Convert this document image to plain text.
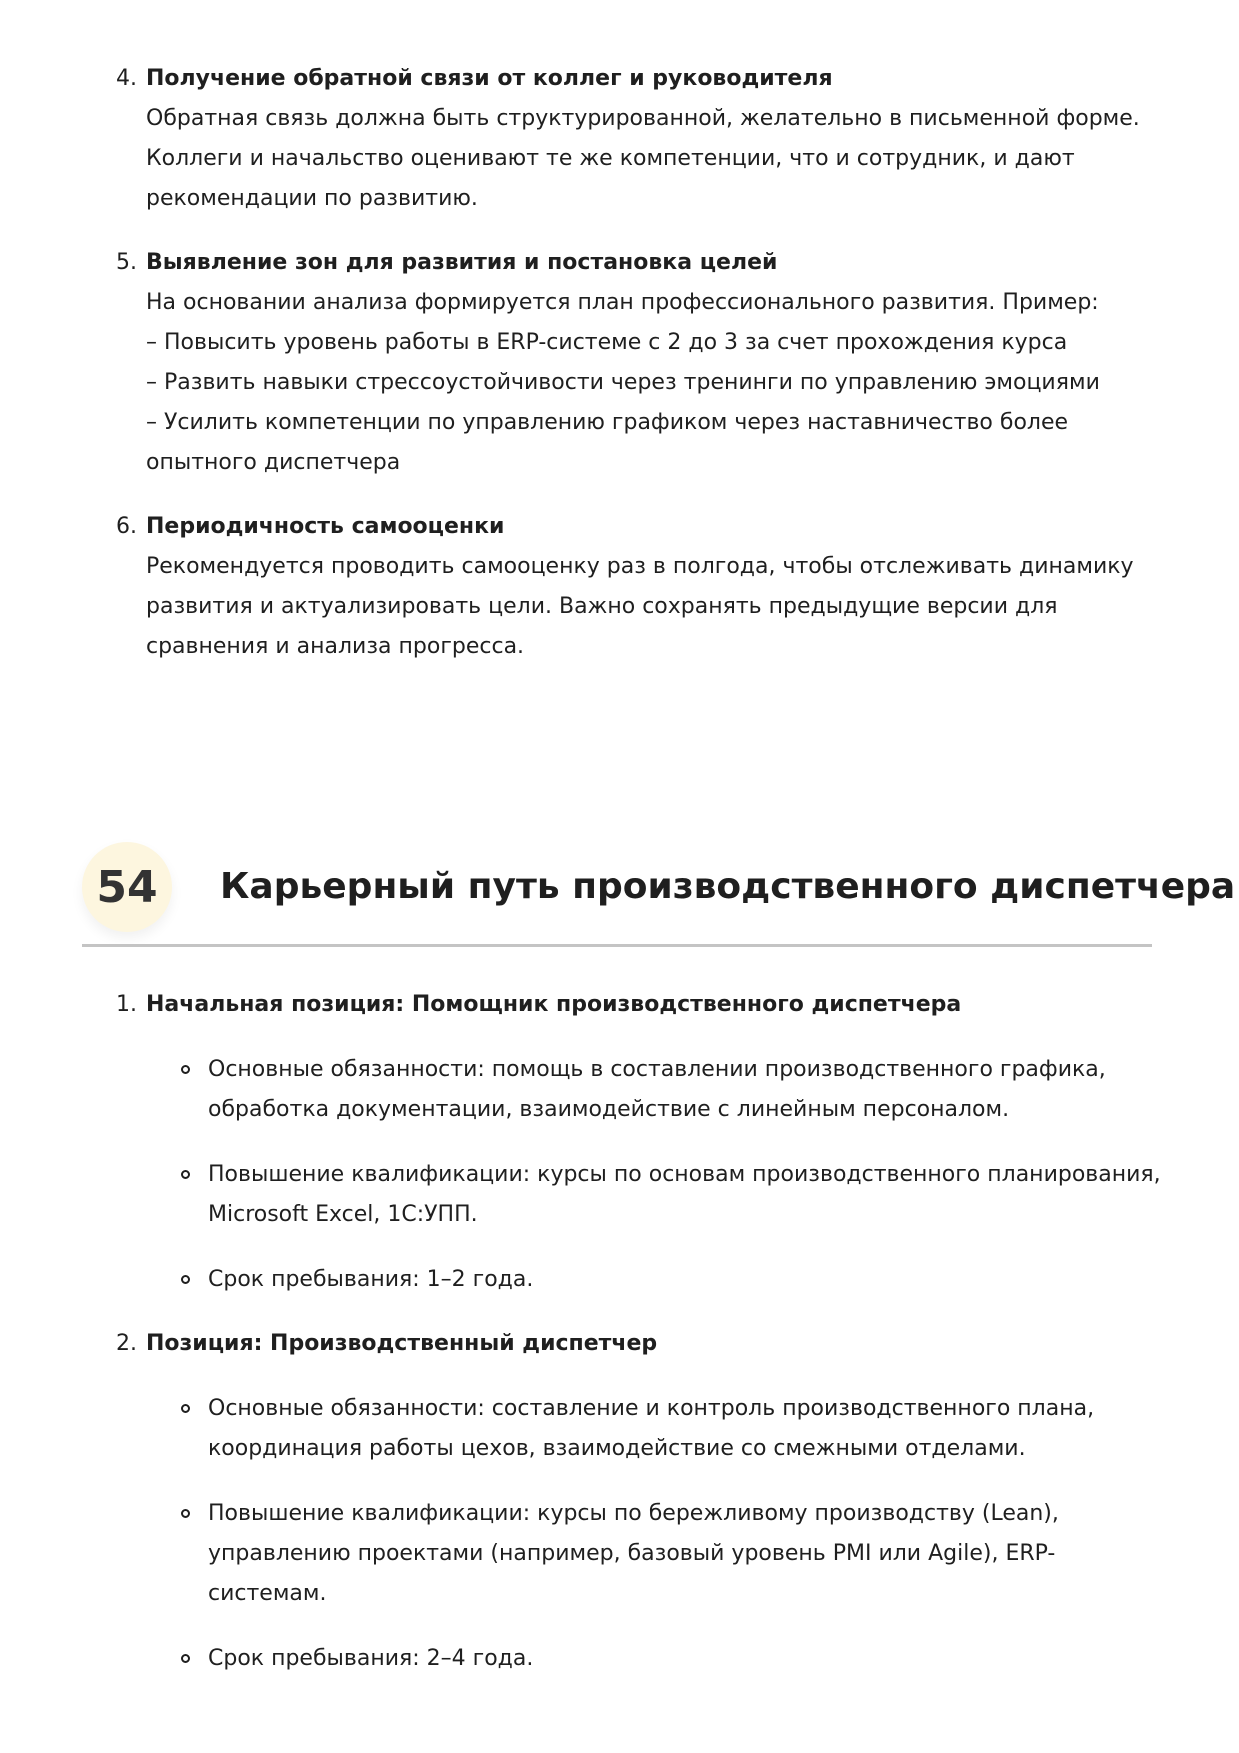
4. Получение обратной связи от коллег и руководителя
Обратная связь должна быть структурированной, желательно в письменной форме.
Коллеги и начальство оценивают те же компетенции, что и сотрудник, и дают
рекомендации по развитию.
5. Выявление зон для развития и постановка целей
На основании анализа формируется план профессионального развития. Пример:
– Повысить уровень работы в ERP-системе с 2 до 3 за счет прохождения курса
– Развить навыки стрессоустойчивости через тренинги по управлению эмоциями
– Усилить компетенции по управлению графиком через наставничество более
опытного диспетчера
6. Периодичность самооценки
Рекомендуется проводить самооценку раз в полгода, чтобы отслеживать динамику
развития и актуализировать цели. Важно сохранять предыдущие версии для
сравнения и анализа прогресса.
54	Карьерный путь производственного диспетчера
1. Начальная позиция: Помощник производственного диспетчера
Основные обязанности: помощь в составлении производственного графика,
обработка документации, взаимодействие с линейным персоналом.
Повышение квалификации: курсы по основам производственного планирования,
Microsoft Excel, 1С:УПП.
Срок пребывания: 1–2 года.
2. Позиция: Производственный диспетчер
Основные обязанности: составление и контроль производственного плана,
координация работы цехов, взаимодействие со смежными отделами.
Повышение квалификации: курсы по бережливому производству (Lean),
управлению проектами (например, базовый уровень PMI или Agile), ERP-
системам.
Срок пребывания: 2–4 года.
